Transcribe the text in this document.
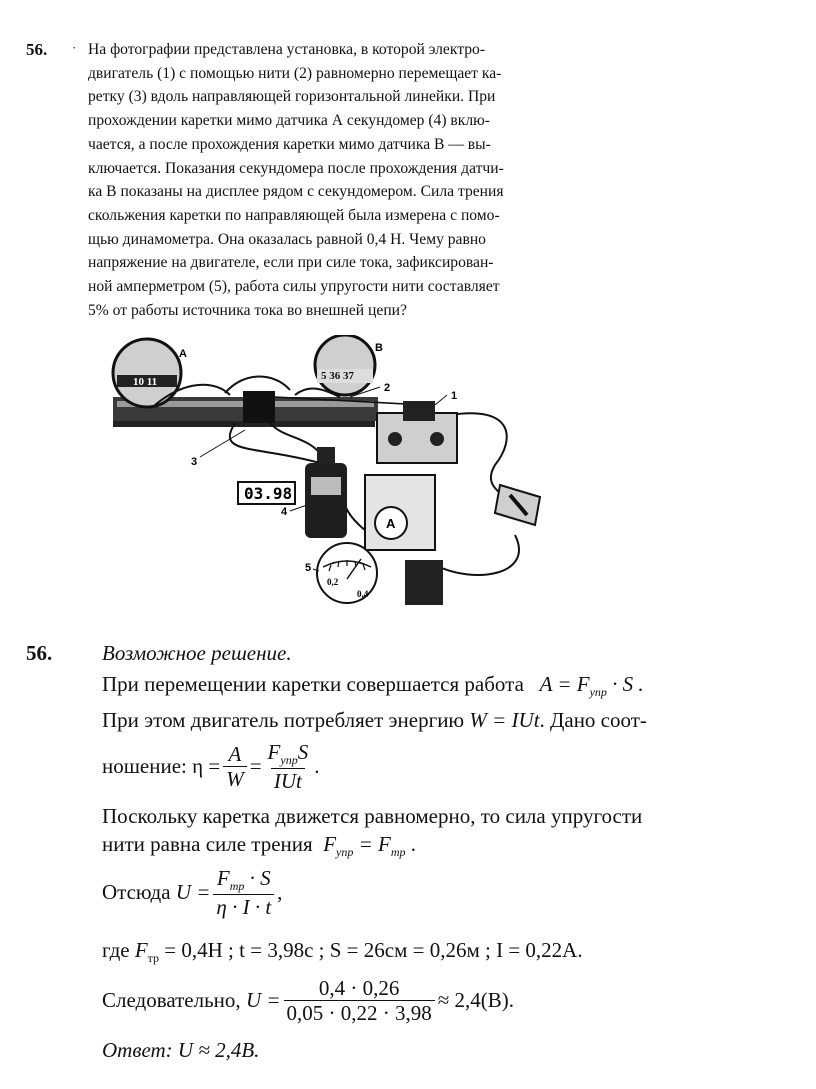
56. · На фотографии представлена установка, в которой электро-
двигатель (1) с помощью нити (2) равномерно перемещает ка-
ретку (3) вдоль направляющей горизонтальной линейки. При
прохождении каретки мимо датчика А секундомер (4) вклю-
чается, а после прохождения каретки мимо датчика В — вы-
ключается. Показания секундомера после прохождения датчи-
ка В показаны на дисплее рядом с секундомером. Сила трения
скольжения каретки по направляющей была измерена с помо-
щью динамометра. Она оказалась равной 0,4 Н. Чему равно
напряжение на двигателе, если при силе тока, зафиксирован-
ной амперметром (5), работа силы упругости нити составляет
5% от работы источника тока во внешней цепи?
10 11
A
5 36 37
B
03.98
A
0,2
0,4
1
2
3
4
5
56. Возможное решение.
При перемещении каретки совершается работа $A = F_{упр} \cdot S$ .
При этом двигатель потребляет энергию W = IUt. Дано соот-
ношение:
$\eta = \frac{A}{W} = \frac{F_{упр}S}{\text{IUt}}$ .
Поскольку каретка движется равномерно, то сила упругости
нити равна силе трения $F_{упр} = F_{тр}$ .
Отсюда
$U = \frac{F_{тр} \cdot S}{\eta \cdot I \cdot t}$ ,
где $F_{тр} = 0,4Н$ ; t = 3,98с ; S = 26см = 0,26м ; I = 0,22А.
Следовательно,
$U = \frac{0,4 \cdot 0,26}{0,05 \cdot 0,22 \cdot 3,98} \approx 2,4(В)$.
Ответ: U ≈ 2,4В.
